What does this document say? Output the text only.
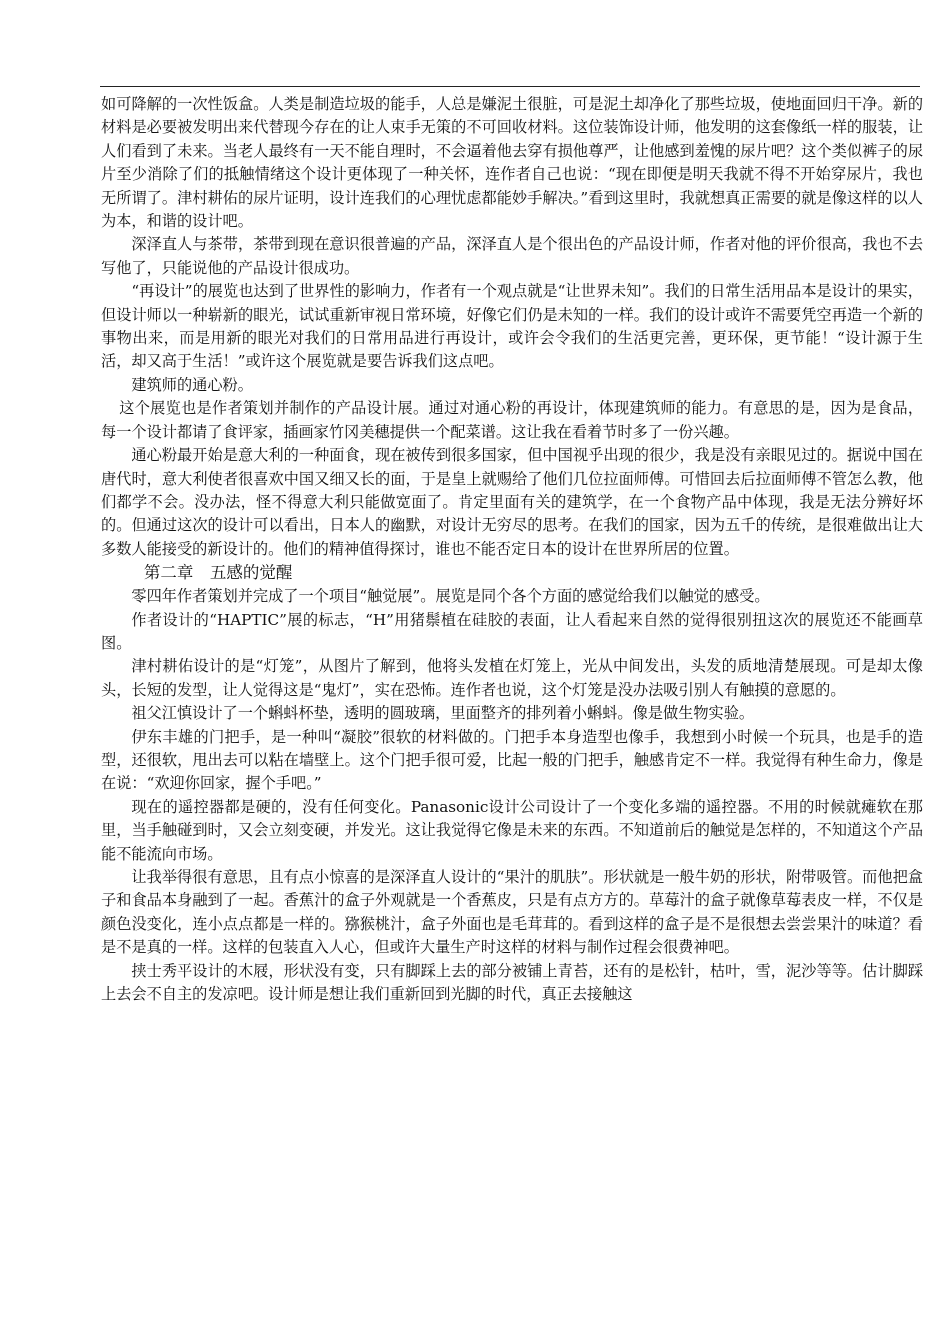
如可降解的一次性饭盒。人类是制造垃圾的能手，人总是嫌泥土很脏，可是泥土却净化了那些垃圾，使地面回归干净。新的材料是必要被发明出来代替现今存在的让人束手无策的不可回收材料。这位装饰设计师，他发明的这套像纸一样的服装，让人们看到了未来。当老人最终有一天不能自理时，不会逼着他去穿有损他尊严，让他感到羞愧的尿片吧？这个类似裤子的尿片至少消除了们的抵触情绪这个设计更体现了一种关怀，连作者自己也说：“现在即便是明天我就不得不开始穿尿片，我也无所谓了。津村耕佑的尿片证明，设计连我们的心理忧虑都能妙手解决。”看到这里时，我就想真正需要的就是像这样的以人为本，和谐的设计吧。

深泽直人与茶带，茶带到现在意识很普遍的产品，深泽直人是个很出色的产品设计师，作者对他的评价很高，我也不去写他了，只能说他的产品设计很成功。

“再设计”的展览也达到了世界性的影响力，作者有一个观点就是“让世界未知”。我们的日常生活用品本是设计的果实，但设计师以一种崭新的眼光，试试重新审视日常环境，好像它们仍是未知的一样。我们的设计或许不需要凭空再造一个新的事物出来，而是用新的眼光对我们的日常用品进行再设计，或许会令我们的生活更完善，更环保，更节能！“设计源于生活，却又高于生活！”或许这个展览就是要告诉我们这点吧。

建筑师的通心粉。

这个展览也是作者策划并制作的产品设计展。通过对通心粉的再设计，体现建筑师的能力。有意思的是，因为是食品，每一个设计都请了食评家，插画家竹冈美穗提供一个配菜谱。这让我在看着节时多了一份兴趣。

通心粉最开始是意大利的一种面食，现在被传到很多国家，但中国视乎出现的很少，我是没有亲眼见过的。据说中国在唐代时，意大利使者很喜欢中国又细又长的面，于是皇上就赐给了他们几位拉面师傅。可惜回去后拉面师傅不管怎么教，他们都学不会。没办法，怪不得意大利只能做宽面了。肯定里面有关的建筑学，在一个食物产品中体现，我是无法分辨好坏的。但通过这次的设计可以看出，日本人的幽默，对设计无穷尽的思考。在我们的国家，因为五千的传统，是很难做出让大多数人能接受的新设计的。他们的精神值得探讨，谁也不能否定日本的设计在世界所居的位置。

第二章　五感的觉醒

零四年作者策划并完成了一个项目“触觉展”。展览是同个各个方面的感觉给我们以触觉的感受。

作者设计的“HAPTIC”展的标志，“H”用猪鬃植在硅胶的表面，让人看起来自然的觉得很别扭这次的展览还不能画草图。

津村耕佑设计的是“灯笼”，从图片了解到，他将头发植在灯笼上，光从中间发出，头发的质地清楚展现。可是却太像头，长短的发型，让人觉得这是“鬼灯”，实在恐怖。连作者也说，这个灯笼是没办法吸引别人有触摸的意愿的。

祖父江慎设计了一个蝌蚪杯垫，透明的圆玻璃，里面整齐的排列着小蝌蚪。像是做生物实验。

伊东丰雄的门把手，是一种叫“凝胶”很软的材料做的。门把手本身造型也像手，我想到小时候一个玩具，也是手的造型，还很软，甩出去可以粘在墙壁上。这个门把手很可爱，比起一般的门把手，触感肯定不一样。我觉得有种生命力，像是在说：“欢迎你回家，握个手吧。”

现在的遥控器都是硬的，没有任何变化。Panasonic设计公司设计了一个变化多端的遥控器。不用的时候就瘫软在那里，当手触碰到时，又会立刻变硬，并发光。这让我觉得它像是未来的东西。不知道前后的触觉是怎样的，不知道这个产品能不能流向市场。

让我举得很有意思，且有点小惊喜的是深泽直人设计的“果汁的肌肤”。形状就是一般牛奶的形状，附带吸管。而他把盒子和食品本身融到了一起。香蕉汁的盒子外观就是一个香蕉皮，只是有点方方的。草莓汁的盒子就像草莓表皮一样，不仅是颜色没变化，连小点点都是一样的。猕猴桃汁，盒子外面也是毛茸茸的。看到这样的盒子是不是很想去尝尝果汁的味道？看是不是真的一样。这样的包装直入人心，但或许大量生产时这样的材料与制作过程会很费神吧。

挟士秀平设计的木屐，形状没有变，只有脚踩上去的部分被铺上青苔，还有的是松针，枯叶，雪，泥沙等等。估计脚踩上去会不自主的发凉吧。设计师是想让我们重新回到光脚的时代，真正去接触这
